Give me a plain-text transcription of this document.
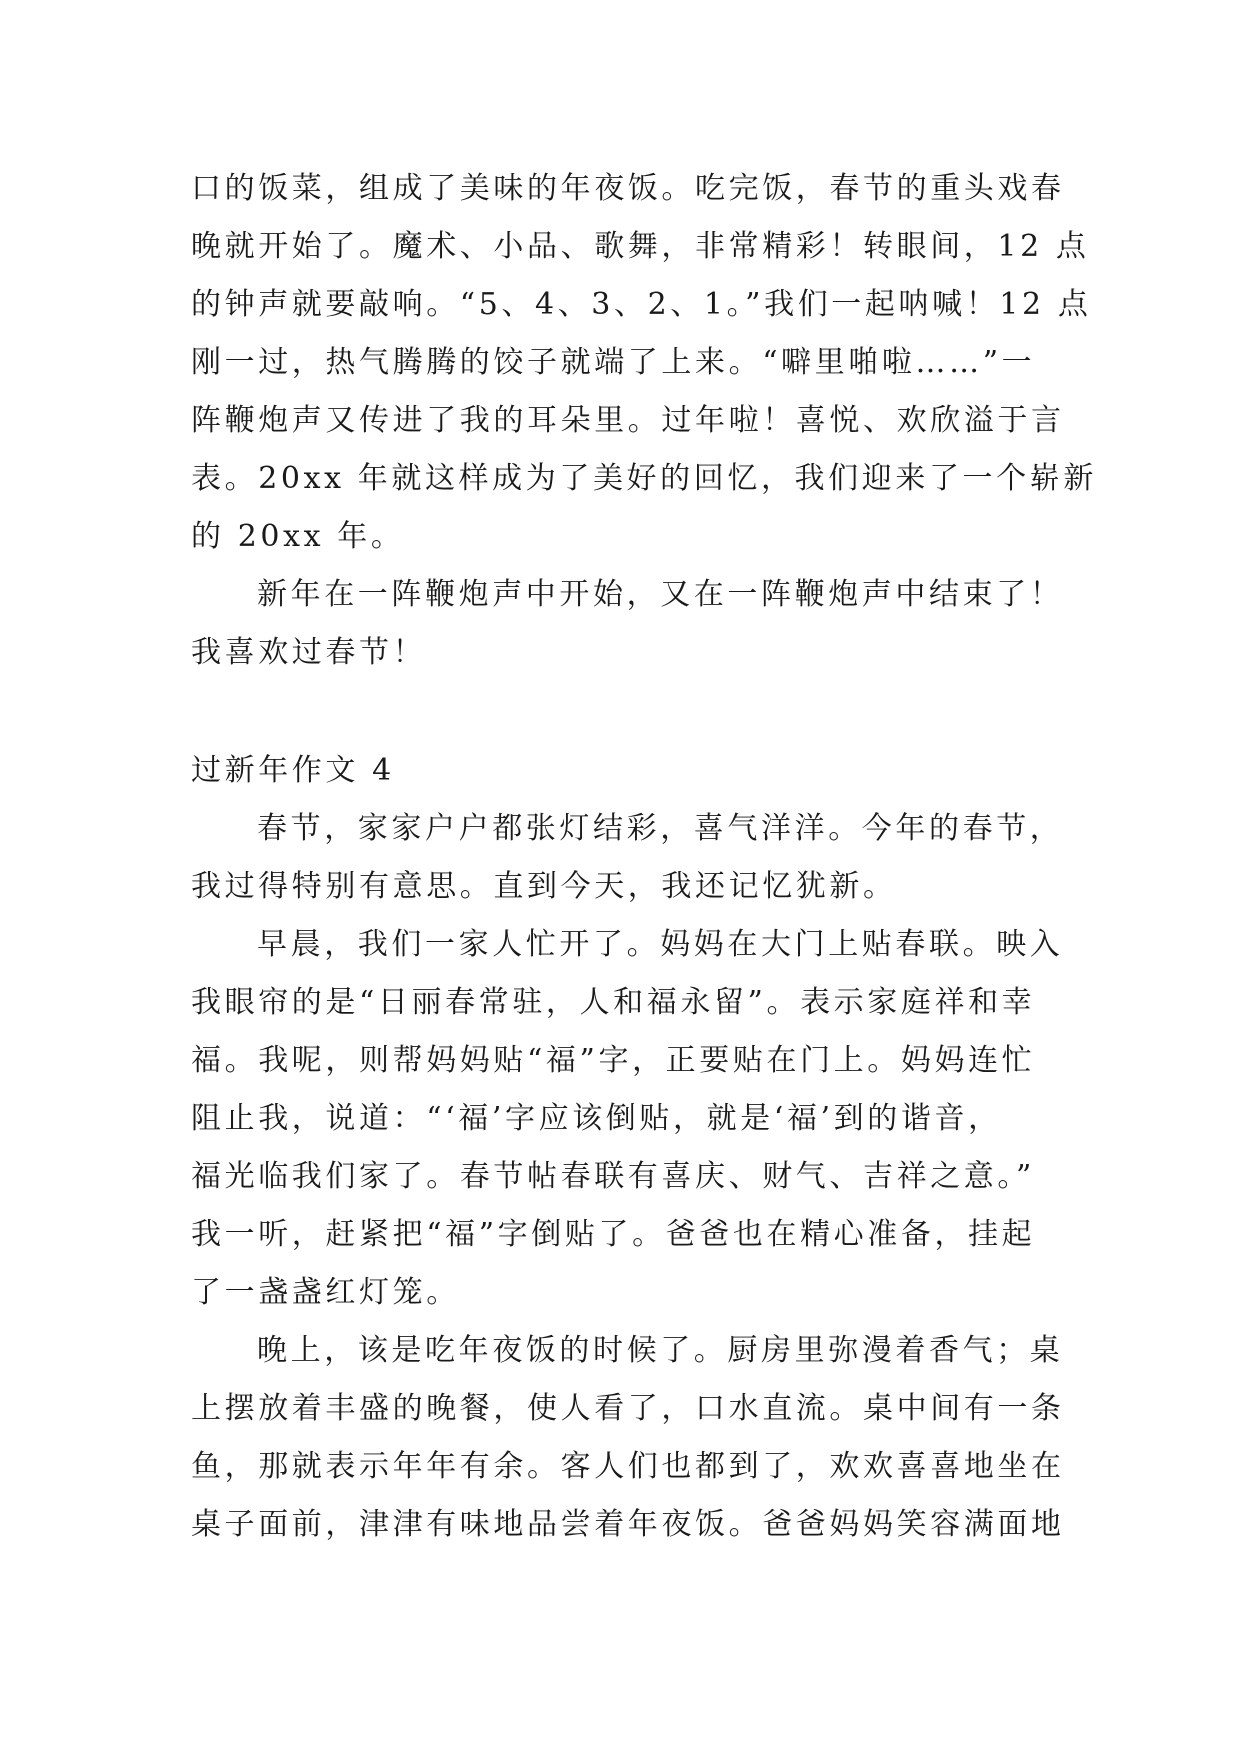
口的饭菜，组成了美味的年夜饭。吃完饭，春节的重头戏春
晚就开始了。魔术、小品、歌舞，非常精彩！转眼间，12 点
的钟声就要敲响。“5、4、3、2、1。”我们一起呐喊！12 点
刚一过，热气腾腾的饺子就端了上来。“噼里啪啦……”一
阵鞭炮声又传进了我的耳朵里。过年啦！喜悦、欢欣溢于言
表。20xx 年就这样成为了美好的回忆，我们迎来了一个崭新
的 20xx 年。
新年在一阵鞭炮声中开始，又在一阵鞭炮声中结束了！
我喜欢过春节！
过新年作文 4
春节，家家户户都张灯结彩，喜气洋洋。今年的春节，
我过得特别有意思。直到今天，我还记忆犹新。
早晨，我们一家人忙开了。妈妈在大门上贴春联。映入
我眼帘的是“日丽春常驻，人和福永留”。表示家庭祥和幸
福。我呢，则帮妈妈贴“福”字，正要贴在门上。妈妈连忙
阻止我，说道：“‘福’字应该倒贴，就是‘福’到的谐音，
福光临我们家了。春节帖春联有喜庆、财气、吉祥之意。”
我一听，赶紧把“福”字倒贴了。爸爸也在精心准备，挂起
了一盏盏红灯笼。
晚上，该是吃年夜饭的时候了。厨房里弥漫着香气；桌
上摆放着丰盛的晚餐，使人看了，口水直流。桌中间有一条
鱼，那就表示年年有余。客人们也都到了，欢欢喜喜地坐在
桌子面前，津津有味地品尝着年夜饭。爸爸妈妈笑容满面地
